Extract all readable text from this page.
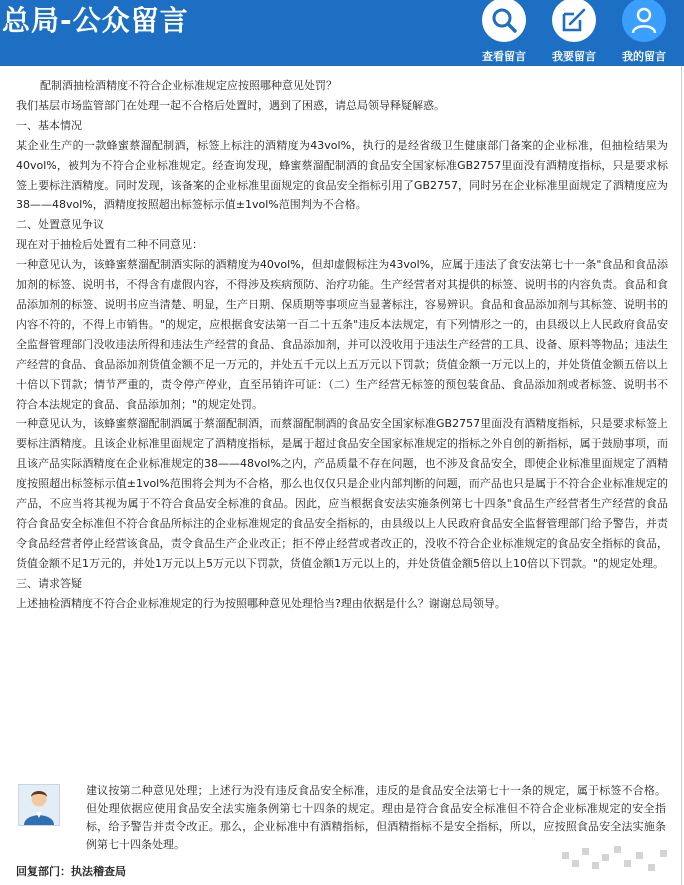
总局-公众留言
查看留言	我要留言	我的留言

配制酒抽检酒精度不符合企业标准规定应按照哪种意见处罚？

我们基层市场监管部门在处理一起不合格后处置时，遇到了困惑，请总局领导释疑解惑。

一、基本情况

某企业生产的一款蜂蜜蔡溜配制酒，标签上标注的酒精度为43vol%，执行的是经省级卫生健康部门备案的企业标准，但抽检结果为40vol%，被判为不符合企业标准规定。经查询发现，蜂蜜蔡溜配制酒的食品安全国家标准GB2757里面没有酒精度指标，只是要求标签上要标注酒精度。同时发现，该备案的企业标准里面规定的食品安全指标引用了GB2757，同时另在企业标准里面规定了酒精度应为38——48vol%，酒精度按照超出标签标示值±1vol%范围判为不合格。

二、处置意见争议

现在对于抽检后处置有二种不同意见：

一种意见认为，该蜂蜜蔡溜配制酒实际的酒精度为40vol%，但却虚假标注为43vol%，应属于违法了食安法第七十一条"食品和食品添加剂的标签、说明书，不得含有虚假内容，不得涉及疾病预防、治疗功能。生产经营者对其提供的标签、说明书的内容负责。食品和食品添加剂的标签、说明书应当清楚、明显，生产日期、保质期等事项应当显著标注，容易辨识。食品和食品添加剂与其标签、说明书的内容不符的，不得上市销售。"的规定，应根据食安法第一百二十五条"违反本法规定，有下列情形之一的，由县级以上人民政府食品安全监督管理部门没收违法所得和违法生产经营的食品、食品添加剂，并可以没收用于违法生产经营的工具、设备、原料等物品；违法生产经营的食品、食品添加剂货值金额不足一万元的，并处五千元以上五万元以下罚款；货值金额一万元以上的，并处货值金额五倍以上十倍以下罚款；情节严重的，责令停产停业，直至吊销许可证：（二）生产经营无标签的预包装食品、食品添加剂或者标签、说明书不符合本法规定的食品、食品添加剂；"的规定处罚。

一种意见认为，该蜂蜜蔡溜配制酒属于蔡溜配制酒，而蔡溜配制酒的食品安全国家标准GB2757里面没有酒精度指标，只是要求标签上要标注酒精度。且该企业标准里面规定了酒精度指标，是属于超过食品安全国家标准规定的指标之外自创的新指标，属于鼓励事项，而且该产品实际酒精度在企业标准规定的38——48vol%之内，产品质量不存在问题，也不涉及食品安全，即使企业标准里面规定了酒精度按照超出标签标示值±1vol%范围将会判为不合格，那么也仅仅只是企业内部判断的问题，而产品也只是属于不符合企业标准规定的产品，不应当将其视为属于不符合食品安全标准的食品。因此，应当根据食安法实施条例第七十四条"食品生产经营者生产经营的食品符合食品安全标准但不符合食品所标注的企业标准规定的食品安全指标的，由县级以上人民政府食品安全监督管理部门给予警告，并责令食品经营者停止经营该食品，责令食品生产企业改正；拒不停止经营或者改正的，没收不符合企业标准规定的食品安全指标的食品，货值金额不足1万元的，并处1万元以上5万元以下罚款，货值金额1万元以上的，并处货值金额5倍以上10倍以下罚款。"的规定处理。

三、请求答疑

上述抽检酒精度不符合企业标准规定的行为按照哪种意见处理恰当?理由依据是什么？谢谢总局领导。

建议按第二种意见处理；上述行为没有违反食品安全标准，违反的是食品安全法第七十一条的规定，属于标签不合格。但处理依据应使用食品安全法实施条例第七十四条的规定。理由是符合食品安全标准但不符合企业标准规定的安全指标，给予警告并责令改正。那么，企业标准中有酒精指标，但酒精指标不是安全指标，所以，应按照食品安全法实施条例第七十四条处理。
回复部门：执法稽查局
